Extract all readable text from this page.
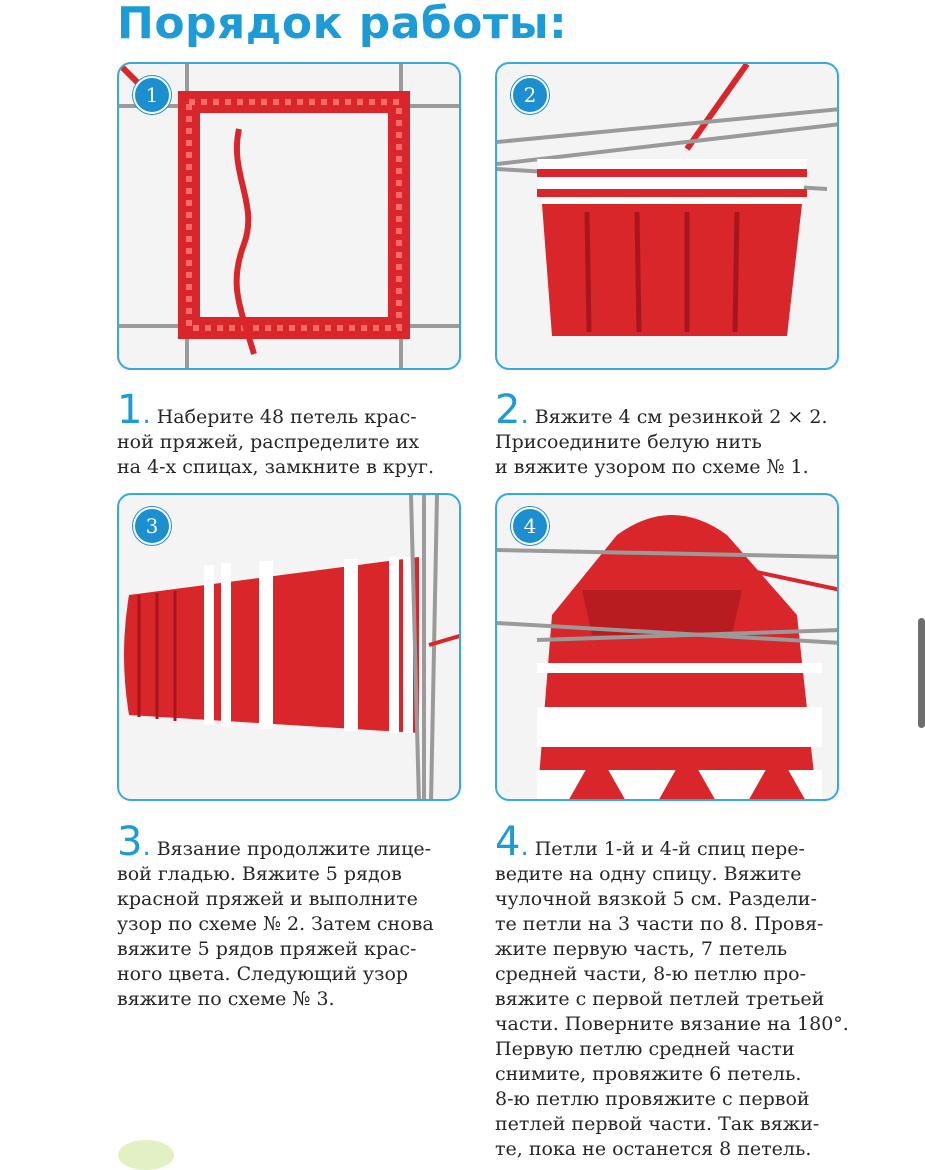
Порядок работы:
1	2
3	4
1. Наберите 48 петель крас-
ной пряжей, распределите их
на 4-х спицах, замкните в круг.
2. Вяжите 4 см резинкой 2 × 2.
Присоедините белую нить
и вяжите узором по схеме № 1.
3. Вязание продолжите лице-
вой гладью. Вяжите 5 рядов
красной пряжей и выполните
узор по схеме № 2. Затем снова
вяжите 5 рядов пряжей крас-
ного цвета. Следующий узор
вяжите по схеме № 3.
4. Петли 1-й и 4-й спиц пере-
ведите на одну спицу. Вяжите
чулочной вязкой 5 см. Раздели-
те петли на 3 части по 8. Провя-
жите первую часть, 7 петель
средней части, 8-ю петлю про-
вяжите с первой петлей третьей
части. Поверните вязание на 180°.
Первую петлю средней части
снимите, провяжите 6 петель.
8-ю петлю провяжите с первой
петлей первой части. Так вяжи-
те, пока не останется 8 петель.
